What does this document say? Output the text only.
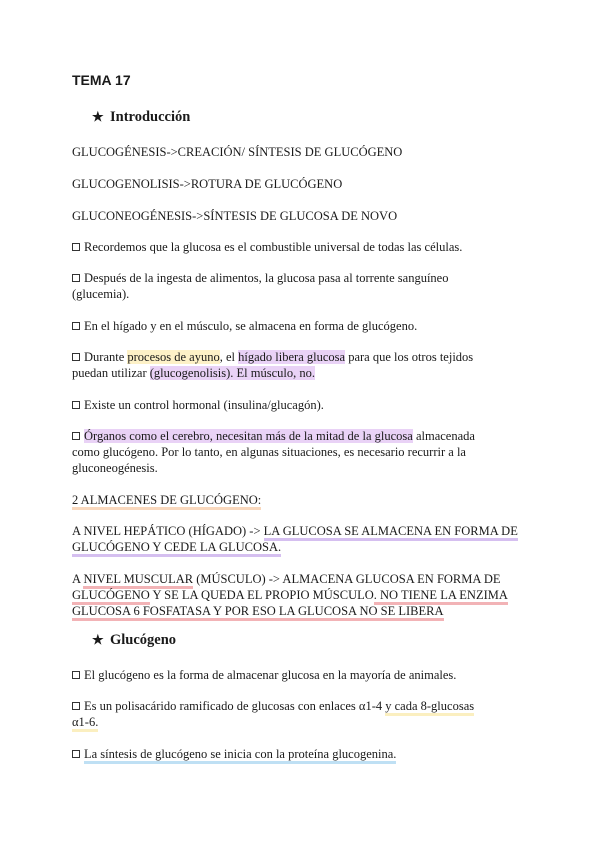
TEMA 17
★ Introducción
GLUCOGÉNESIS->CREACIÓN/ SÍNTESIS DE GLUCÓGENO
GLUCOGENOLISIS->ROTURA DE GLUCÓGENO
GLUCONEOGÉNESIS->SÍNTESIS DE GLUCOSA DE NOVO
Recordemos que la glucosa es el combustible universal de todas las células.
Después de la ingesta de alimentos, la glucosa pasa al torrente sanguíneo
(glucemia).
En el hígado y en el músculo, se almacena en forma de glucógeno.
Durante procesos de ayuno, el hígado libera glucosa para que los otros tejidos
puedan utilizar (glucogenolisis). El músculo, no.
Existe un control hormonal (insulina/glucagón).
Órganos como el cerebro, necesitan más de la mitad de la glucosa almacenada
como glucógeno. Por lo tanto, en algunas situaciones, es necesario recurrir a la
gluconeogénesis.
2 ALMACENES DE GLUCÓGENO:
A NIVEL HEPÁTICO (HÍGADO) -> LA GLUCOSA SE ALMACENA EN FORMA DE
GLUCÓGENO Y CEDE LA GLUCOSA.
A NIVEL MUSCULAR (MÚSCULO) -> ALMACENA GLUCOSA EN FORMA DE
GLUCÓGENO Y SE LA QUEDA EL PROPIO MÚSCULO. NO TIENE LA ENZIMA
GLUCOSA 6 FOSFATASA Y POR ESO LA GLUCOSA NO SE LIBERA
★ Glucógeno
El glucógeno es la forma de almacenar glucosa en la mayoría de animales.
Es un polisacárido ramificado de glucosas con enlaces α1-4 y cada 8-glucosas
α1-6.
La síntesis de glucógeno se inicia con la proteína glucogenina.
